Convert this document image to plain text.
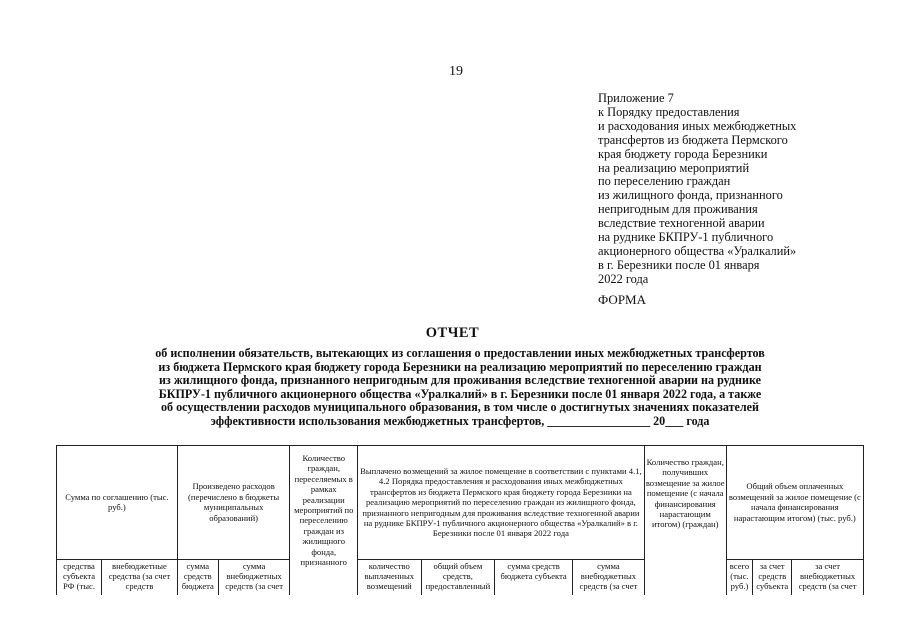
19
Приложение 7
к Порядку предоставления
и расходования иных межбюджетных
трансфертов из бюджета Пермского
края бюджету города Березники
на реализацию мероприятий
по переселению граждан
из жилищного фонда, признанного
непригодным для проживания
вследствие техногенной аварии
на руднике БКПРУ-1 публичного
акционерного общества «Уралкалий»
в г. Березники после 01 января
2022 года
ФОРМА
ОТЧЕТ
об исполнении обязательств, вытекающих из соглашения о предоставлении иных межбюджетных трансфертов
из бюджета Пермского края бюджету города Березники на реализацию мероприятий по переселению граждан
из жилищного фонда, признанного непригодным для проживания вследствие техногенной аварии на руднике
БКПРУ-1 публичного акционерного общества «Уралкалий» в г. Березники после 01 января 2022 года, а также
об осуществлении расходов муниципального образования, в том числе о достигнутых значениях показателей
эффективности использования межбюджетных трансфертов, _________________ 20___ года
Сумма по соглашению (тыс. руб.)		Произведено расходов (перечислено в бюджеты муниципальных образований)		Количество граждан, переселяемых в рамках реализации мероприятий по переселению граждан из жилищного фонда, признанного	Выплачено возмещений за жилое помещение в соответствии с пунктами 4.1, 4.2 Порядка предоставления и расходования иных межбюджетных трансфертов из бюджета Пермского края бюджету города Березники на реализацию мероприятий по переселению граждан из жилищного фонда, признанного непригодным для проживания вследствие техногенной аварии на руднике БКПРУ-1 публичного акционерного общества «Уралкалий» в г. Березники после 01 января 2022 года				Количество граждан, получивших возмещение за жилое помещение (с начала финансирования нарастающим итогом) (граждан)	Общий объем оплаченных возмещений за жилое помещение (с начала финансирования нарастающим итогом) (тыс. руб.)		

средства субъекта РФ (тыс.	внебюджетные средства (за счет средств	сумма средств бюджета	сумма внебюджетных средств (за счет		количество выплаченных возмещений	общий объем средств, предоставленный	сумма средств бюджета субъекта	сумма внебюджетных средств (за счет		всего (тыс. руб.)	за счет средств субъекта	за счет внебюджетных средств (за счет
